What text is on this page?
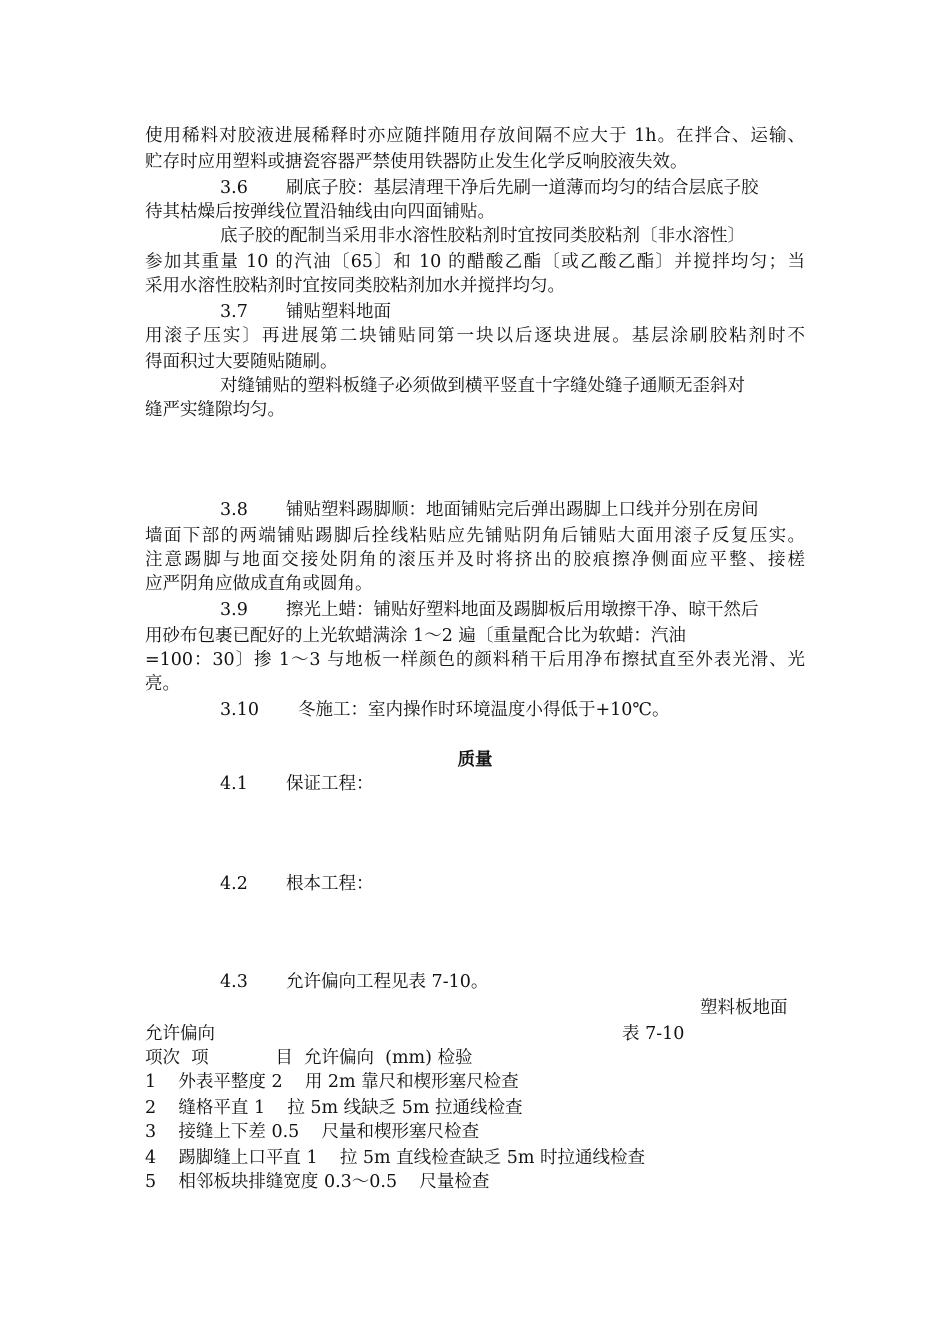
使用稀料对胶液进展稀释时亦应随拌随用存放间隔不应大于 1h。在拌合、运输、
贮存时应用塑料或搪瓷容器严禁使用铁器防止发生化学反响胶液失效。
3.6 刷底子胶：基层清理干净后先刷一道薄而均匀的结合层底子胶
待其枯燥后按弹线位置沿轴线由向四面铺贴。
底子胶的配制当采用非水溶性胶粘剂时宜按同类胶粘剂〔非水溶性〕
参加其重量 10 的汽油〔65〕和 10 的醋酸乙酯〔或乙酸乙酯〕并搅拌均匀；当
采用水溶性胶粘剂时宜按同类胶粘剂加水并搅拌均匀。
3.7 铺贴塑料地面
用滚子压实〕再进展第二块铺贴同第一块以后逐块进展。基层涂刷胶粘剂时不
得面积过大要随贴随刷。
对缝铺贴的塑料板缝子必须做到横平竖直十字缝处缝子通顺无歪斜对
缝严实缝隙均匀。
3.8 铺贴塑料踢脚顺：地面铺贴完后弹出踢脚上口线并分别在房间
墙面下部的两端铺贴踢脚后拴线粘贴应先铺贴阴角后铺贴大面用滚子反复压实。
注意踢脚与地面交接处阴角的滚压并及时将挤出的胶痕擦净侧面应平整、接槎
应严阴角应做成直角或圆角。
3.9 擦光上蜡：铺贴好塑料地面及踢脚板后用墩擦干净、晾干然后
用砂布包裹已配好的上光软蜡满涂 1～2 遍〔重量配合比为软蜡：汽油
=100：30〕掺 1～3 与地板一样颜色的颜料稍干后用净布擦拭直至外表光滑、光
亮。
3.10 冬施工：室内操作时环境温度小得低于+10℃。
质量
4.1 保证工程：
4.2 根本工程：
4.3 允许偏向工程见表 7-10。
塑料板地面
允许偏向	表 7-10
项次  项            目  允许偏向  (mm) 检验
1    外表平整度 2    用 2m 靠尺和楔形塞尺检查
2    缝格平直 1    拉 5m 线缺乏 5m 拉通线检查
3    接缝上下差 0.5    尺量和楔形塞尺检查
4    踢脚缝上口平直 1    拉 5m 直线检查缺乏 5m 时拉通线检查
5    相邻板块排缝宽度 0.3～0.5    尺量检查
